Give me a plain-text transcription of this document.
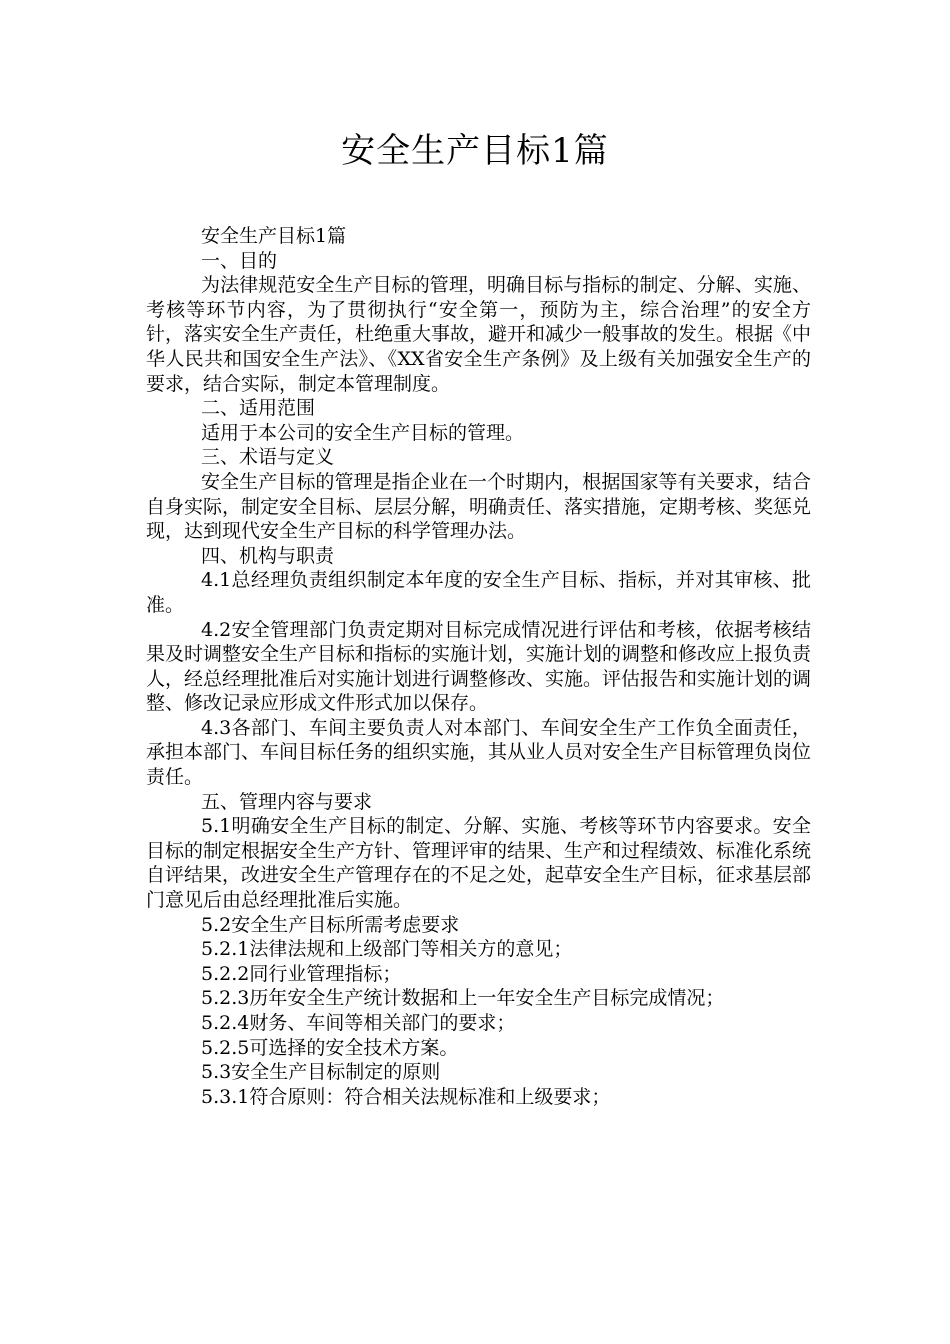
安全生产目标1篇

安全生产目标1篇

一、目的

为法律规范安全生产目标的管理，明确目标与指标的制定、分解、实施、考核等环节内容，为了贯彻执行“安全第一，预防为主，综合治理”的安全方针，落实安全生产责任，杜绝重大事故，避开和减少一般事故的发生。根据《中华人民共和国安全生产法》、《XX省安全生产条例》及上级有关加强安全生产的要求，结合实际，制定本管理制度。

二、适用范围

适用于本公司的安全生产目标的管理。

三、术语与定义

安全生产目标的管理是指企业在一个时期内，根据国家等有关要求，结合自身实际，制定安全目标、层层分解，明确责任、落实措施，定期考核、奖惩兑现，达到现代安全生产目标的科学管理办法。

四、机构与职责

4.1总经理负责组织制定本年度的安全生产目标、指标，并对其审核、批准。

4.2安全管理部门负责定期对目标完成情况进行评估和考核，依据考核结果及时调整安全生产目标和指标的实施计划，实施计划的调整和修改应上报负责人，经总经理批准后对实施计划进行调整修改、实施。评估报告和实施计划的调整、修改记录应形成文件形式加以保存。

4.3各部门、车间主要负责人对本部门、车间安全生产工作负全面责任，承担本部门、车间目标任务的组织实施，其从业人员对安全生产目标管理负岗位责任。

五、管理内容与要求

5.1明确安全生产目标的制定、分解、实施、考核等环节内容要求。安全目标的制定根据安全生产方针、管理评审的结果、生产和过程绩效、标准化系统自评结果，改进安全生产管理存在的不足之处，起草安全生产目标，征求基层部门意见后由总经理批准后实施。

5.2安全生产目标所需考虑要求

5.2.1法律法规和上级部门等相关方的意见；

5.2.2同行业管理指标；

5.2.3历年安全生产统计数据和上一年安全生产目标完成情况；

5.2.4财务、车间等相关部门的要求；

5.2.5可选择的安全技术方案。

5.3安全生产目标制定的原则

5.3.1符合原则：符合相关法规标准和上级要求；
